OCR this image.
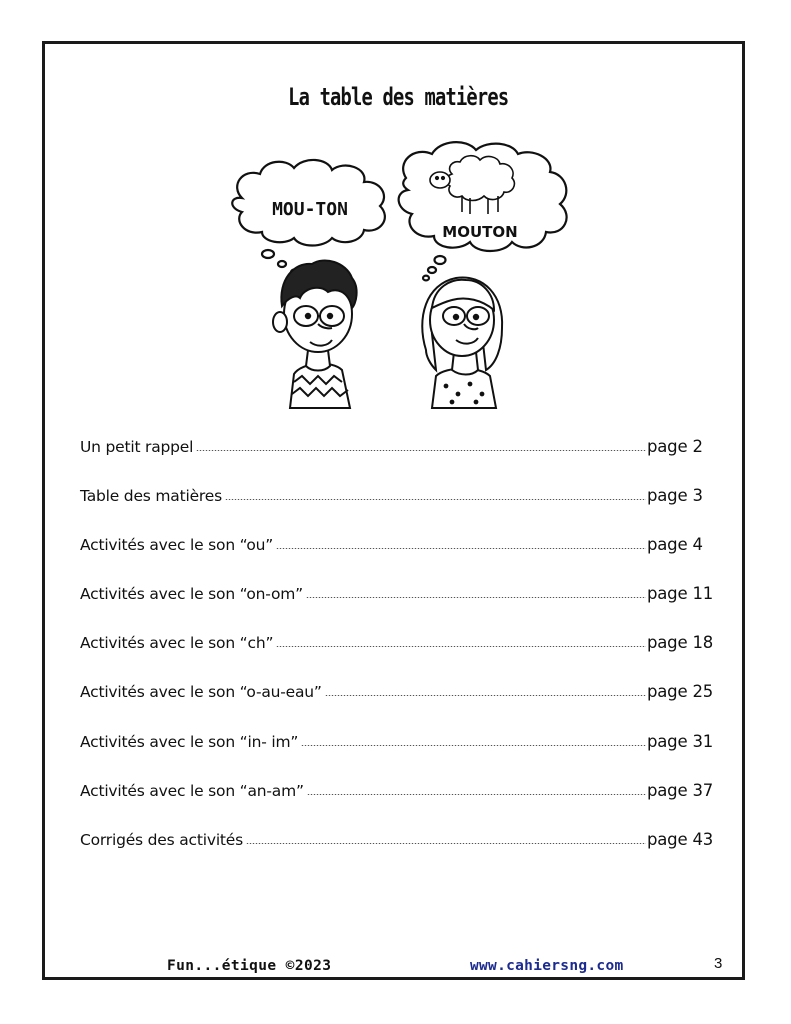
La table des matières
MOU-TON
MOUTON
Un petit rappel	page 2
Table des matières	page 3
Activités avec le son “ou”	page 4
Activités avec le son “on-om”	page 11
Activités avec le son “ch”	page 18
Activités avec le son “o-au-eau”	page 25
Activités avec le son “in- im”	page 31
Activités avec le son “an-am”	page 37
Corrigés des activités	page 43
Fun...étique ©2023	www.cahiersng.com	3
